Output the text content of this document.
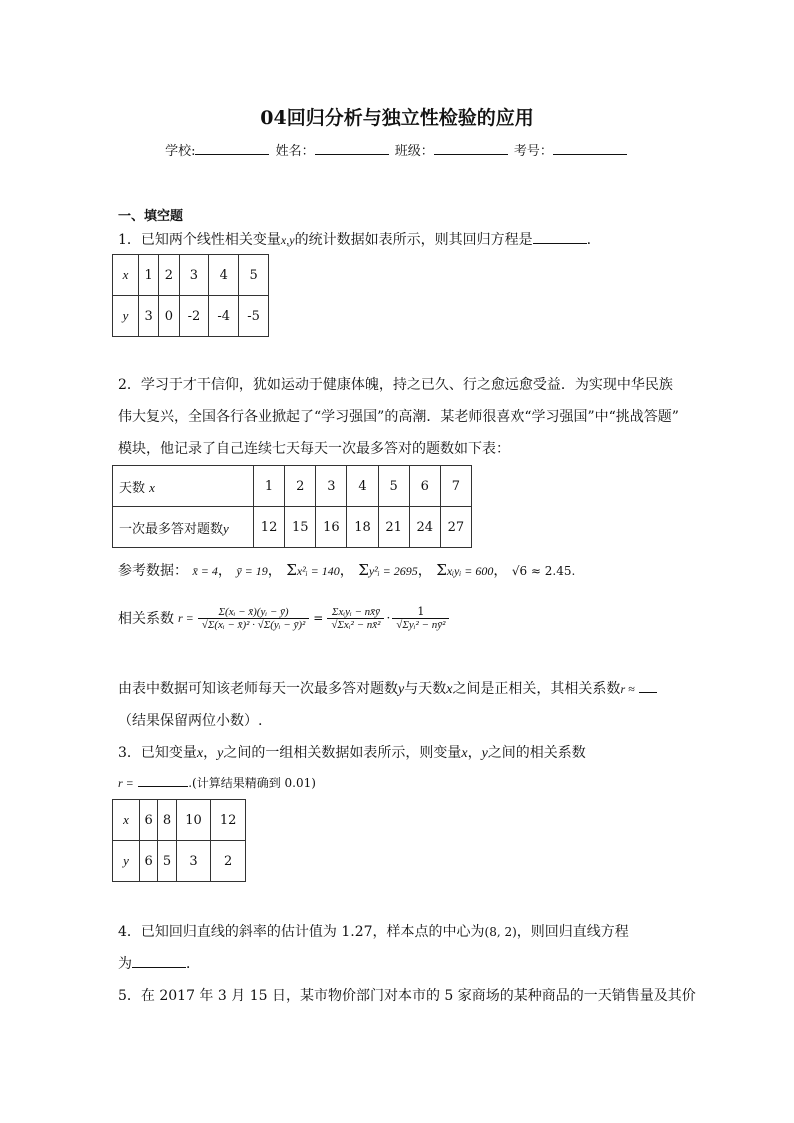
04回归分析与独立性检验的应用
学校:	姓名：	班级：	考号：
一、填空题
1．已知两个线性相关变量x,y的统计数据如表所示，则其回归方程是	.
x	1	2	3	4	5
y	3	0	-2	-4	-5
2．学习于才干信仰，犹如运动于健康体魄，持之已久、行之愈远愈受益．为实现中华民族
伟大复兴，全国各行各业掀起了“学习强国”的高潮．某老师很喜欢“学习强国”中“挑战答题”
模块，他记录了自己连续七天每天一次最多答对的题数如下表：
天数 x	1	2	3	4	5	6	7
一次最多答对题数y	12	15	16	18	21	24	27
参考数据： x̄ = 4， ȳ = 19， Σx²ᵢ = 140， Σy²ᵢ = 2695， Σxᵢyᵢ = 600， √6 ≈ 2.45.
相关系数 $r = \frac{\text{Σ(xᵢ − x̄)(yᵢ − ȳ)}}{\text{√Σ(xᵢ − x̄)² · √Σ(yᵢ − ȳ)²}} = \frac{\text{Σxᵢyᵢ − nx̄ȳ}}{\text{√Σxᵢ² − nx̄²}} \cdot \frac{1}{\text{√Σyᵢ² − nȳ²}}$
由表中数据可知该老师每天一次最多答对题数y与天数x之间是正相关，其相关系数r ≈
（结果保留两位小数）.
3．已知变量x，y之间的一组相关数据如表所示，则变量x，y之间的相关系数
r =	.(计算结果精确到 0.01)
x	6	8	10	12
y	6	5	3	2
4．已知回归直线的斜率的估计值为 1.27，样本点的中心为(8, 2)，则回归直线方程
为	．
5．在 2017 年 3 月 15 日，某市物价部门对本市的 5 家商场的某种商品的一天销售量及其价
